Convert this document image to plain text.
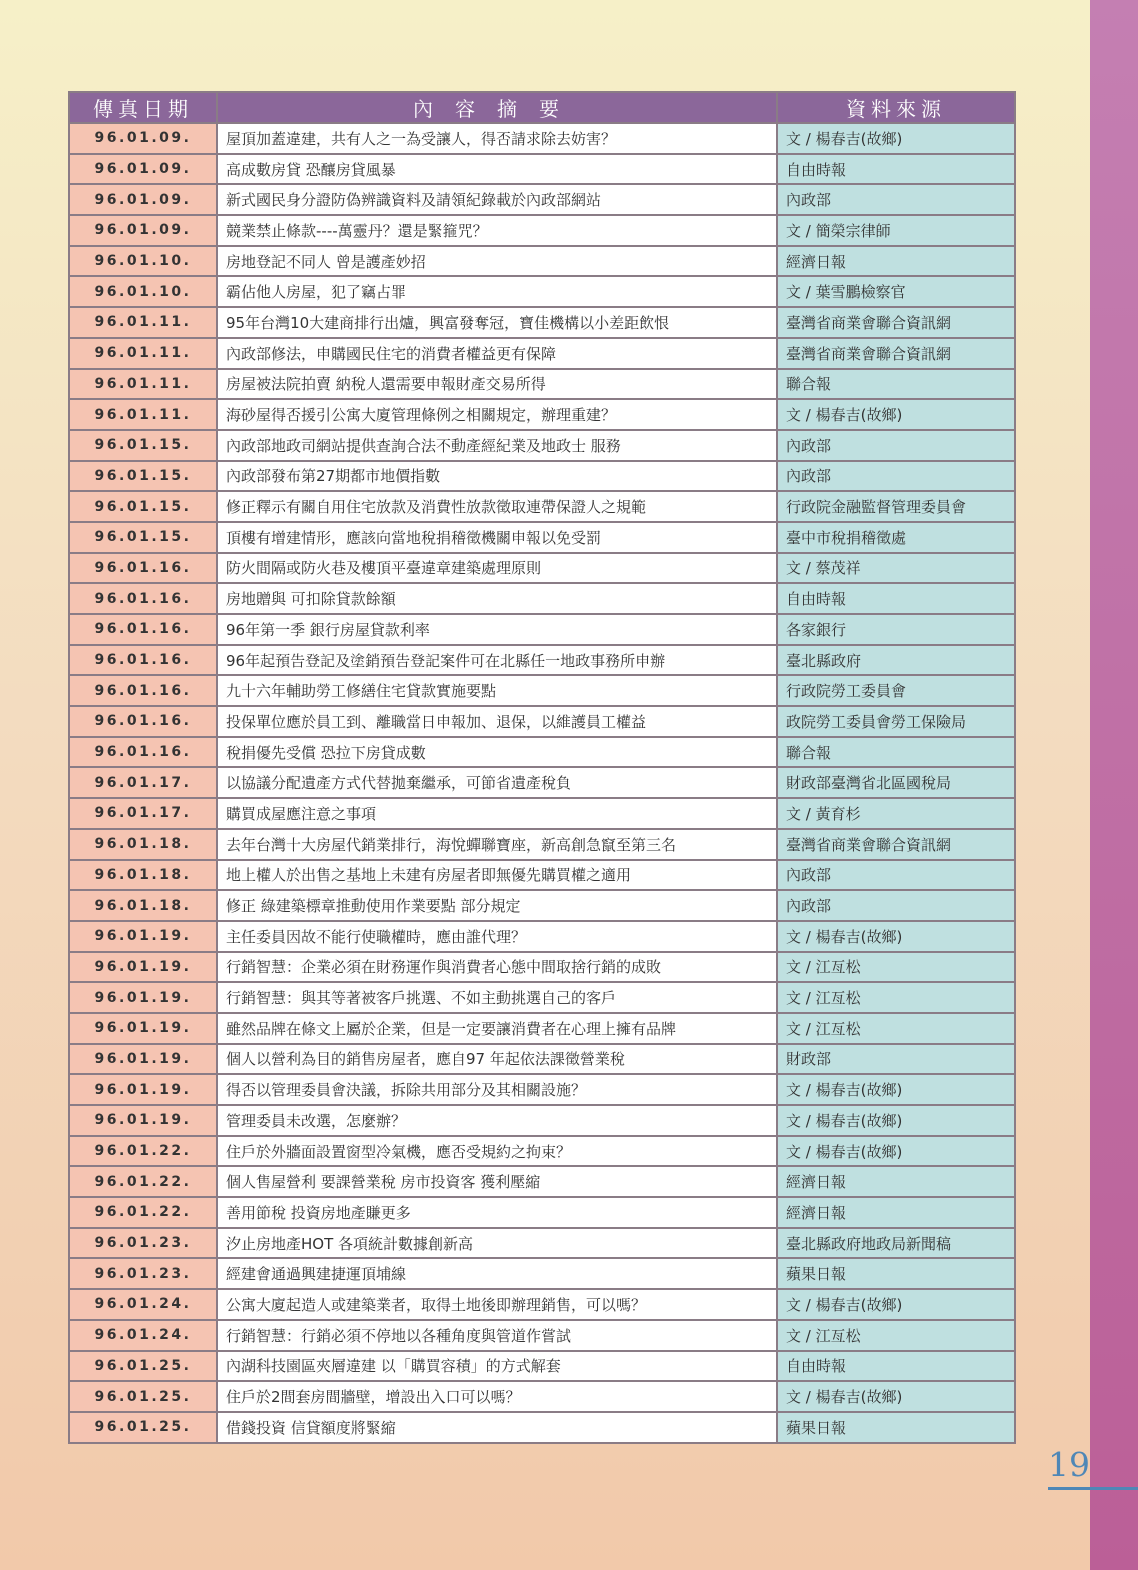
傳真日期	內容摘要	資料來源
96.01.09.	屋頂加蓋違建，共有人之一為受讓人，得否請求除去妨害？	文 / 楊春吉(故鄉)
96.01.09.	高成數房貸 恐釀房貸風暴	自由時報
96.01.09.	新式國民身分證防偽辨識資料及請領紀錄載於內政部網站	內政部
96.01.09.	競業禁止條款----萬靈丹？還是緊箍咒？	文 / 簡榮宗律師
96.01.10.	房地登記不同人 曾是護產妙招	經濟日報
96.01.10.	霸佔他人房屋，犯了竊占罪	文 / 葉雪鵬檢察官
96.01.11.	95年台灣10大建商排行出爐，興富發奪冠，寶佳機構以小差距飲恨	臺灣省商業會聯合資訊網
96.01.11.	內政部修法，申購國民住宅的消費者權益更有保障	臺灣省商業會聯合資訊網
96.01.11.	房屋被法院拍賣 納稅人還需要申報財產交易所得	聯合報
96.01.11.	海砂屋得否援引公寓大廈管理條例之相關規定，辦理重建？	文 / 楊春吉(故鄉)
96.01.15.	內政部地政司網站提供查詢合法不動產經紀業及地政士 服務	內政部
96.01.15.	內政部發布第27期都市地價指數	內政部
96.01.15.	修正釋示有關自用住宅放款及消費性放款徵取連帶保證人之規範	行政院金融監督管理委員會
96.01.15.	頂樓有增建情形，應該向當地稅捐稽徵機關申報以免受罰	臺中市稅捐稽徵處
96.01.16.	防火間隔或防火巷及樓頂平臺違章建築處理原則	文 / 蔡茂祥
96.01.16.	房地贈與 可扣除貸款餘額	自由時報
96.01.16.	96年第一季 銀行房屋貸款利率	各家銀行
96.01.16.	96年起預告登記及塗銷預告登記案件可在北縣任一地政事務所申辦	臺北縣政府
96.01.16.	九十六年輔助勞工修繕住宅貸款實施要點	行政院勞工委員會
96.01.16.	投保單位應於員工到、離職當日申報加、退保，以維護員工權益	政院勞工委員會勞工保險局
96.01.16.	稅捐優先受償 恐拉下房貸成數	聯合報
96.01.17.	以協議分配遺產方式代替拋棄繼承，可節省遺產稅負	財政部臺灣省北區國稅局
96.01.17.	購買成屋應注意之事項	文 / 黃育杉
96.01.18.	去年台灣十大房屋代銷業排行，海悅蟬聯寶座，新高創急竄至第三名	臺灣省商業會聯合資訊網
96.01.18.	地上權人於出售之基地上未建有房屋者即無優先購買權之適用	內政部
96.01.18.	修正 綠建築標章推動使用作業要點 部分規定	內政部
96.01.19.	主任委員因故不能行使職權時，應由誰代理？	文 / 楊春吉(故鄉)
96.01.19.	行銷智慧：企業必須在財務運作與消費者心態中間取捨行銷的成敗	文 / 江亙松
96.01.19.	行銷智慧：與其等著被客戶挑選、不如主動挑選自己的客戶	文 / 江亙松
96.01.19.	雖然品牌在條文上屬於企業，但是一定要讓消費者在心理上擁有品牌	文 / 江亙松
96.01.19.	個人以營利為目的銷售房屋者，應自97 年起依法課徵營業稅	財政部
96.01.19.	得否以管理委員會決議，拆除共用部分及其相關設施？	文 / 楊春吉(故鄉)
96.01.19.	管理委員未改選，怎麼辦？	文 / 楊春吉(故鄉)
96.01.22.	住戶於外牆面設置窗型冷氣機，應否受規約之拘束？	文 / 楊春吉(故鄉)
96.01.22.	個人售屋營利 要課營業稅 房市投資客 獲利壓縮	經濟日報
96.01.22.	善用節稅 投資房地產賺更多	經濟日報
96.01.23.	汐止房地產HOT 各項統計數據創新高	臺北縣政府地政局新聞稿
96.01.23.	經建會通過興建捷運頂埔線	蘋果日報
96.01.24.	公寓大廈起造人或建築業者，取得土地後即辦理銷售，可以嗎？	文 / 楊春吉(故鄉)
96.01.24.	行銷智慧：行銷必須不停地以各種角度與管道作嘗試	文 / 江亙松
96.01.25.	內湖科技園區夾層違建 以「購買容積」的方式解套	自由時報
96.01.25.	住戶於2間套房間牆壁，增設出入口可以嗎？	文 / 楊春吉(故鄉)
96.01.25.	借錢投資 信貸額度將緊縮	蘋果日報
19
